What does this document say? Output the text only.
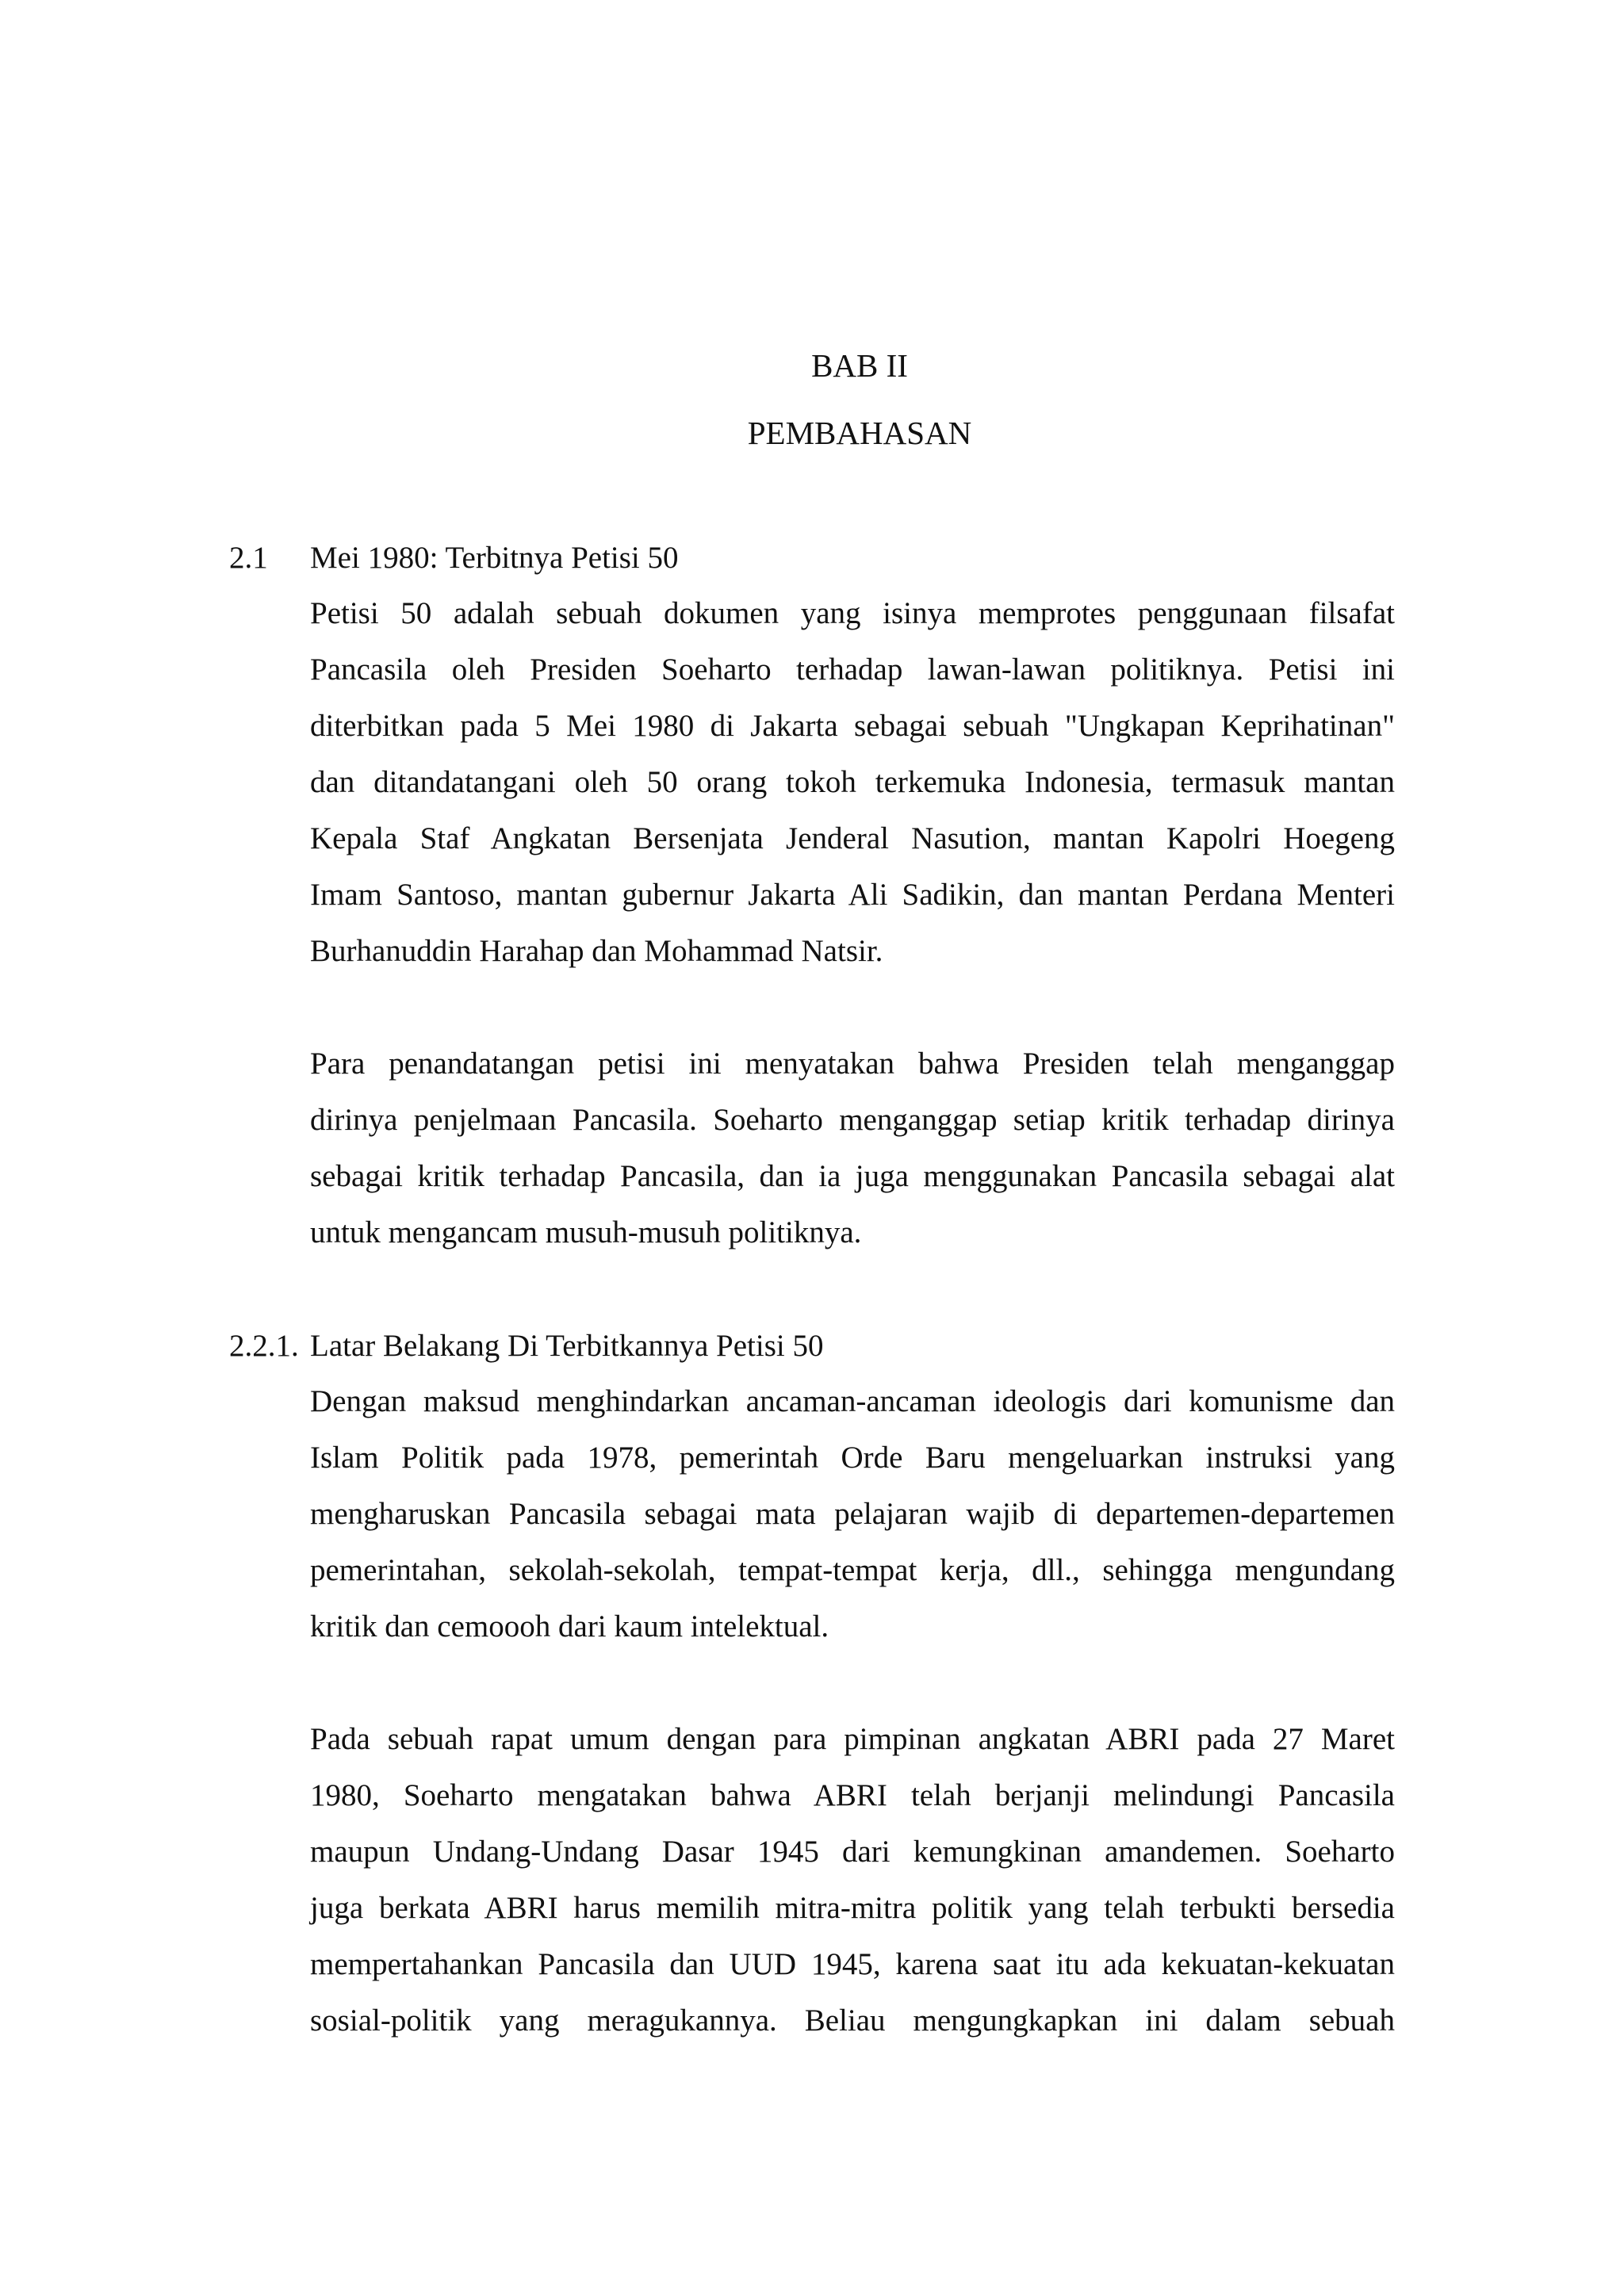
BAB II
PEMBAHASAN
2.1 Mei 1980: Terbitnya Petisi 50
Petisi 50 adalah sebuah dokumen yang isinya memprotes penggunaan filsafat
Pancasila oleh Presiden Soeharto terhadap lawan-lawan politiknya. Petisi ini
diterbitkan pada 5 Mei 1980 di Jakarta sebagai sebuah "Ungkapan Keprihatinan"
dan ditandatangani oleh 50 orang tokoh terkemuka Indonesia, termasuk mantan
Kepala Staf Angkatan Bersenjata Jenderal Nasution, mantan Kapolri Hoegeng
Imam Santoso, mantan gubernur Jakarta Ali Sadikin, dan mantan Perdana Menteri
Burhanuddin Harahap dan Mohammad Natsir.
Para penandatangan petisi ini menyatakan bahwa Presiden telah menganggap
dirinya penjelmaan Pancasila. Soeharto menganggap setiap kritik terhadap dirinya
sebagai kritik terhadap Pancasila, dan ia juga menggunakan Pancasila sebagai alat
untuk mengancam musuh-musuh politiknya.
2.2.1. Latar Belakang Di Terbitkannya Petisi 50
Dengan maksud menghindarkan ancaman-ancaman ideologis dari komunisme dan
Islam Politik pada 1978, pemerintah Orde Baru mengeluarkan instruksi yang
mengharuskan Pancasila sebagai mata pelajaran wajib di departemen-departemen
pemerintahan, sekolah-sekolah, tempat-tempat kerja, dll., sehingga mengundang
kritik dan cemoooh dari kaum intelektual.
Pada sebuah rapat umum dengan para pimpinan angkatan ABRI pada 27 Maret
1980, Soeharto mengatakan bahwa ABRI telah berjanji melindungi Pancasila
maupun Undang-Undang Dasar 1945 dari kemungkinan amandemen. Soeharto
juga berkata ABRI harus memilih mitra-mitra politik yang telah terbukti bersedia
mempertahankan Pancasila dan UUD 1945, karena saat itu ada kekuatan-kekuatan
sosial-politik yang meragukannya. Beliau mengungkapkan ini dalam sebuah
